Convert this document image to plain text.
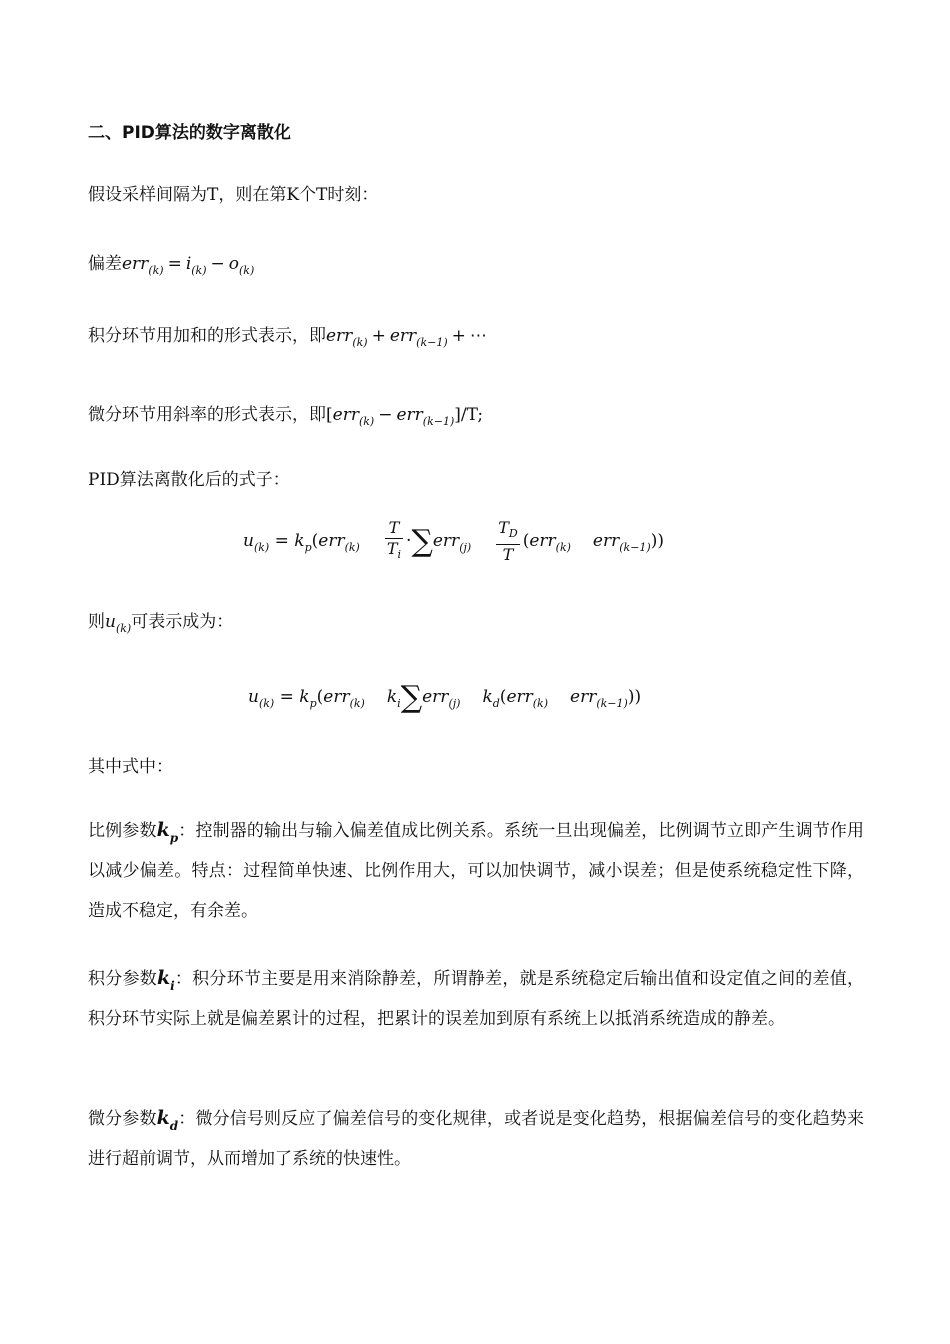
二、PID算法的数字离散化
假设采样间隔为T，则在第K个T时刻：
偏差$err_{(k)} = i_{(k)} - o_{(k)}$
积分环节用加和的形式表示，即err$_{(k)}$ + err$_{(k-1)}$ + ⋯
微分环节用斜率的形式表示，即[err$_{(k)}$ − err$_{(k-1)}$]/T;
PID算法离散化后的式子：
$u_{(k)} = k_p(err_{(k)} \frac{T}{T_i} \cdot\sum err_{(j)} \frac{T_D}{T} (err_{(k)}$ err$_{(k-1)}$))
则$u_{(k)}$可表示成为：
$u_{(k)} = k_p(err_{(k)}$ $k_i\sum err_{(j)}$ $k_d(err_{(k)}$ err$_{(k-1)}$))
其中式中：
比例参数$k_p$：控制器的输出与输入偏差值成比例关系。系统一旦出现偏差，比例调节立即产生调节作用以减少偏差。特点：过程简单快速、比例作用大，可以加快调节，减小误差；但是使系统稳定性下降，造成不稳定，有余差。
积分参数$k_i$：积分环节主要是用来消除静差，所谓静差，就是系统稳定后输出值和设定值之间的差值，积分环节实际上就是偏差累计的过程，把累计的误差加到原有系统上以抵消系统造成的静差。
微分参数$k_d$：微分信号则反应了偏差信号的变化规律，或者说是变化趋势，根据偏差信号的变化趋势来进行超前调节，从而增加了系统的快速性。
